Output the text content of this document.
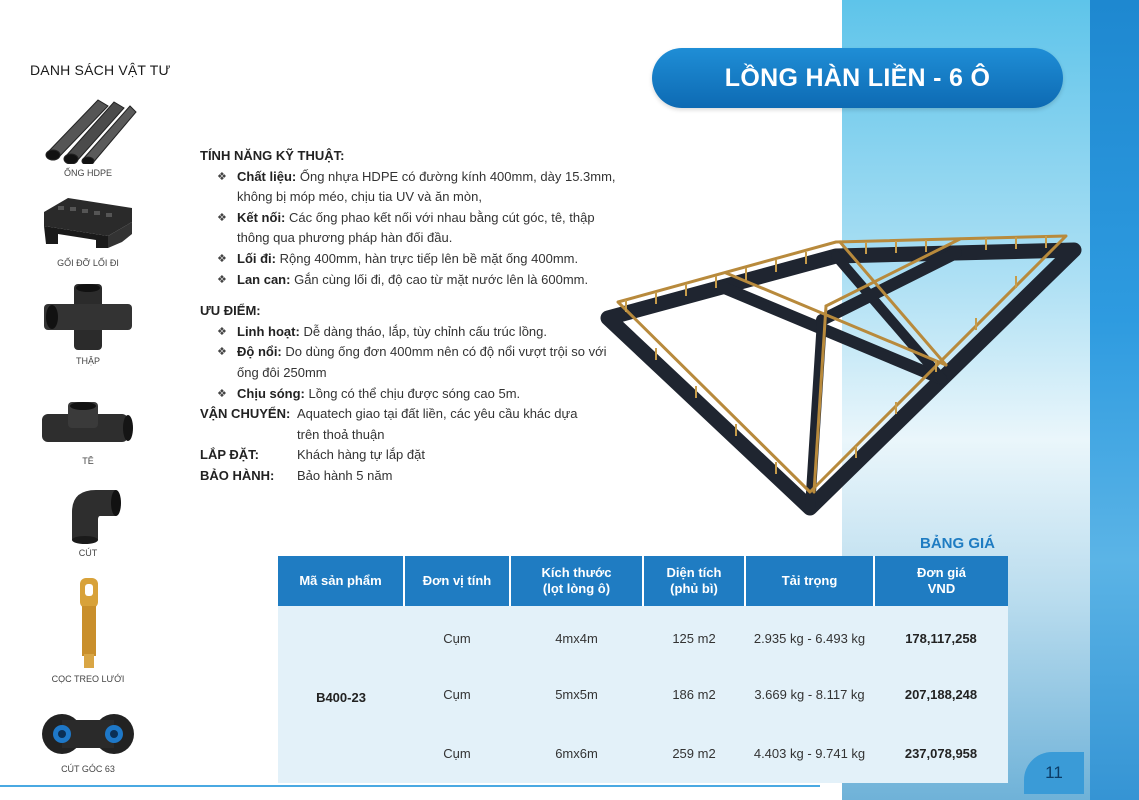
11
DANH SÁCH VẬT TƯ
ỐNG HDPE
GỐI ĐỠ LỐI ĐI
THẬP
TÊ
CÚT
CỌC TREO LƯỚI
CÚT GÓC 63
LỒNG HÀN LIỀN - 6 Ô
TÍNH NĂNG KỸ THUẬT:
❖ Chất liệu: Ống nhựa HDPE có đường kính 400mm, dày 15.3mm, không bị móp méo, chịu tia UV và ăn mòn,
❖ Kết nối: Các ống phao kết nối với nhau bằng cút góc, tê, thập thông qua phương pháp hàn đối đầu.
❖ Lối đi: Rộng 400mm, hàn trực tiếp lên bề mặt ống 400mm.
❖ Lan can: Gắn cùng lối đi, độ cao từ mặt nước lên là 600mm.
ƯU ĐIỂM:
❖ Linh hoạt: Dễ dàng tháo, lắp, tùy chỉnh cấu trúc lồng.
❖ Độ nổi: Do dùng ống đơn 400mm nên có độ nổi vượt trội so với ống đôi 250mm
❖ Chịu sóng: Lồng có thể chịu được sóng cao 5m.
VẬN CHUYỂN: Aquatech giao tại đất liền, các yêu cầu khác dựa trên thoả thuận
LẮP ĐẶT:	Khách hàng tự lắp đặt
BẢO HÀNH:	Bảo hành 5 năm
BẢNG GIÁ
Mã sản phẩm	Đơn vị tính	Kích thước
(lọt lòng ô)	Diện tích
(phủ bì)	Tải trọng	Đơn giá
VND
B400-23	Cụm	4mx4m	125 m2	2.935 kg - 6.493 kg	178,117,258
	Cụm	5mx5m	186 m2	3.669 kg - 8.117 kg	207,188,248
	Cụm	6mx6m	259 m2	4.403 kg - 9.741 kg	237,078,958
